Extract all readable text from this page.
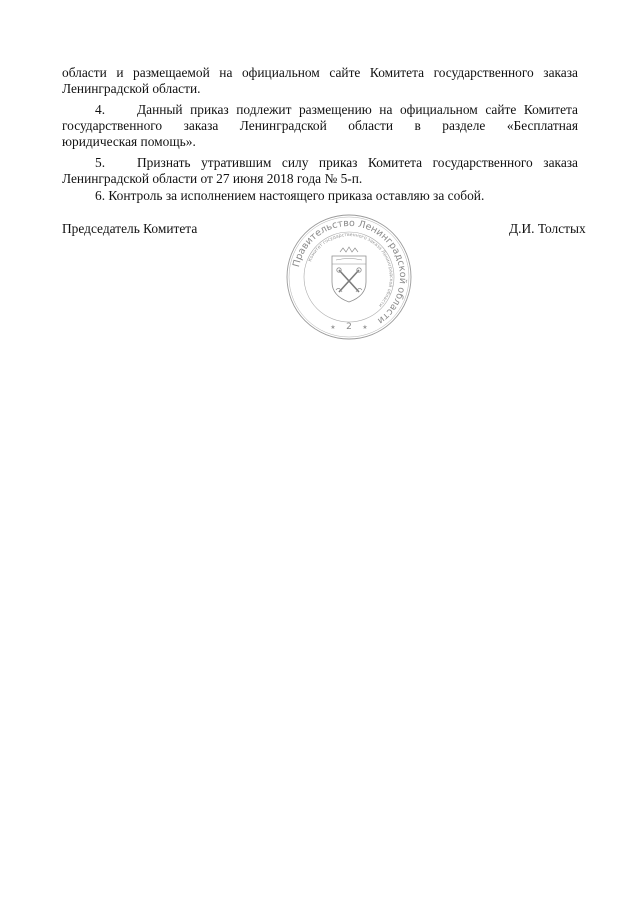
области и размещаемой на официальном сайте Комитета государственного заказа
Ленинградской области.
4. Данный приказ подлежит размещению на официальном сайте Комитета
государственного заказа Ленинградской области в разделе «Бесплатная
юридическая помощь».
5. Признать утратившим силу приказ Комитета государственного заказа
Ленинградской области от 27 июня 2018 года № 5-п.
6. Контроль за исполнением настоящего приказа оставляю за собой.
Председатель Комитета	Д.И. Толстых
Правительство Ленинградской области
Комитет государственного заказа Ленинградской области
2
★	★
